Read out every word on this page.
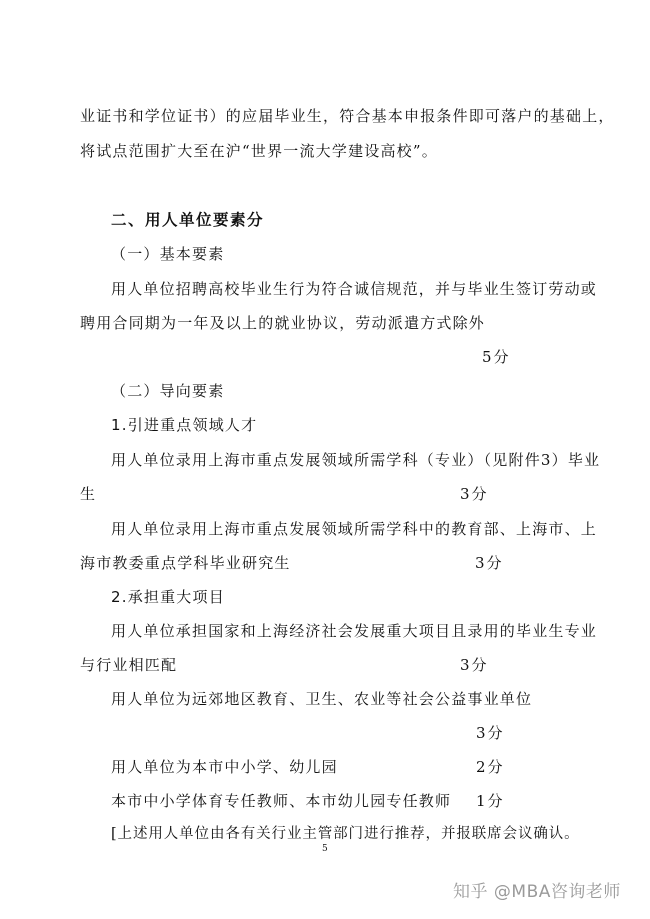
业证书和学位证书）的应届毕业生，符合基本申报条件即可落户的基础上，
将试点范围扩大至在沪“世界一流大学建设高校”。
二、用人单位要素分
（一）基本要素
用人单位招聘高校毕业生行为符合诚信规范，并与毕业生签订劳动或
聘用合同期为一年及以上的就业协议，劳动派遣方式除外
5分
（二）导向要素
1.引进重点领域人才
用人单位录用上海市重点发展领域所需学科（专业）（见附件3）毕业
生	3分
用人单位录用上海市重点发展领域所需学科中的教育部、上海市、上
海市教委重点学科毕业研究生	3分
2.承担重大项目
用人单位承担国家和上海经济社会发展重大项目且录用的毕业生专业
与行业相匹配	3分
用人单位为远郊地区教育、卫生、农业等社会公益事业单位
3分
用人单位为本市中小学、幼儿园	2分
本市中小学体育专任教师、本市幼儿园专任教师 1分
[上述用人单位由各有关行业主管部门进行推荐，并报联席会议确认。
5
知乎 @MBA咨询老师
